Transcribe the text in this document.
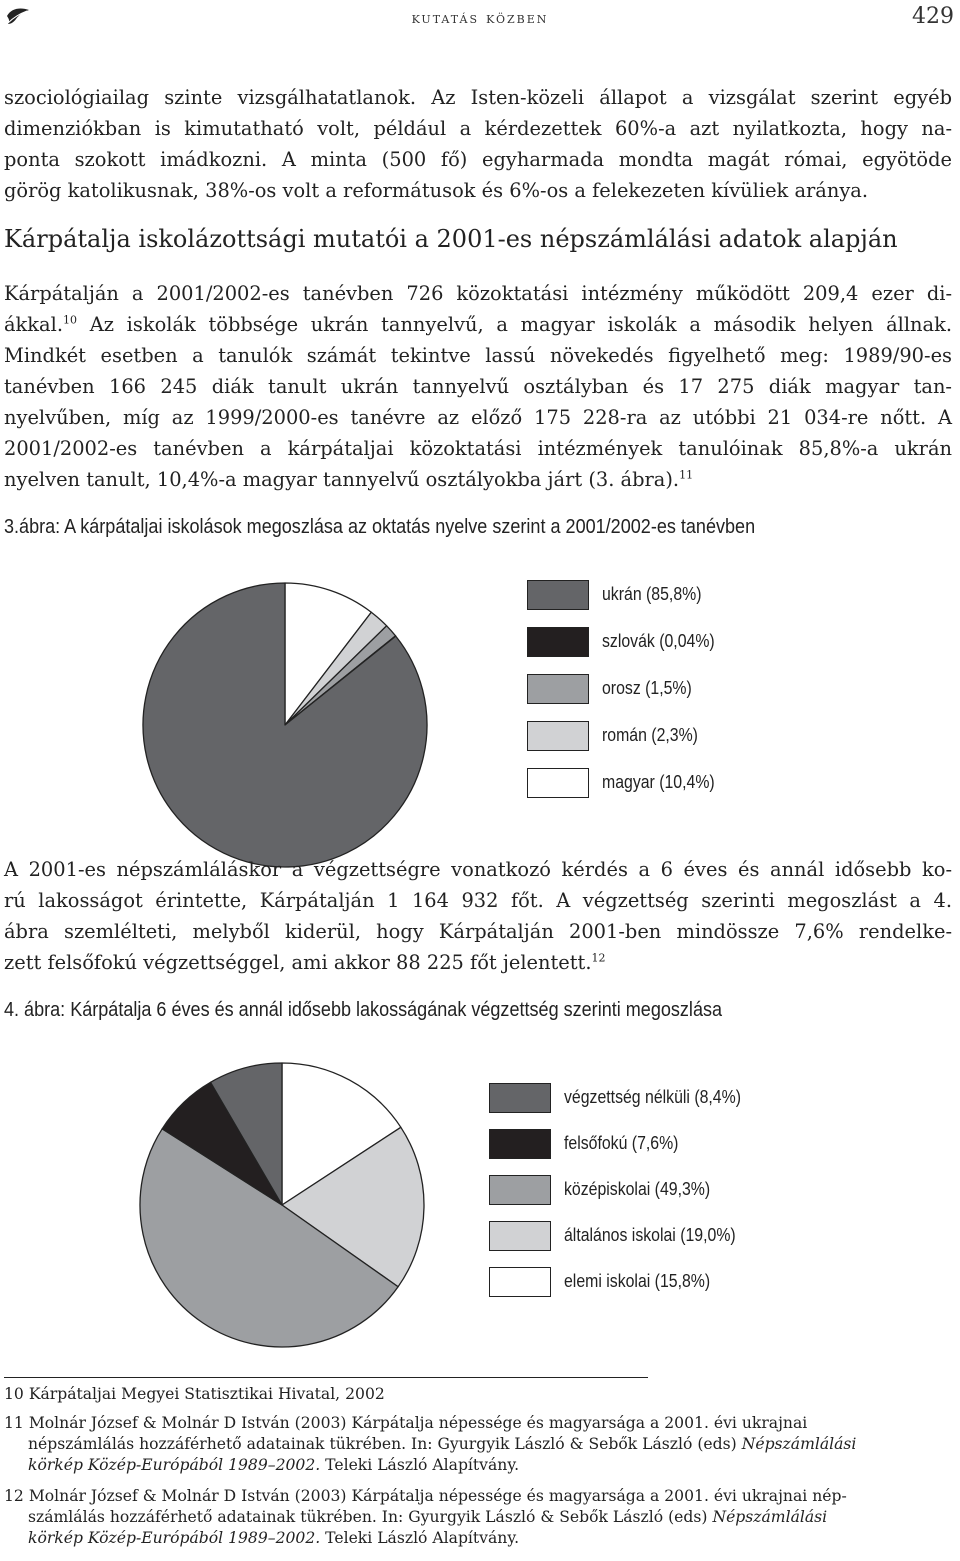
kutatás közben	429

szociológiailag szinte vizsgálhatatlanok. Az Isten-közeli állapot a vizsgálat szerint egyéb
dimenziókban is kimutatható volt, például a kérdezettek 60%-a azt nyilatkozta, hogy na-
ponta szokott imádkozni. A minta (500 fő) egyharmada mondta magát római, egyötöde
görög katolikusnak, 38%-os volt a reformátusok és 6%-os a felekezeten kívüliek aránya.

Kárpátalja iskolázottsági mutatói a 2001-es népszámlálási adatok alapján

Kárpátalján a 2001/2002-es tanévben 726 közoktatási intézmény működött 209,4 ezer di-
ákkal.$^{10}$ Az iskolák többsége ukrán tannyelvű, a magyar iskolák a második helyen állnak.
Mindkét esetben a tanulók számát tekintve lassú növekedés figyelhető meg: 1989/90-es
tanévben 166 245 diák tanult ukrán tannyelvű osztályban és 17 275 diák magyar tan-
nyelvűben, míg az 1999/2000-es tanévre az előző 175 228-ra az utóbbi 21 034-re nőtt. A
2001/2002-es tanévben a kárpátaljai közoktatási intézmények tanulóinak 85,8%-a ukrán
nyelven tanult, 10,4%-a magyar tannyelvű osztályokba járt (3. ábra).$^{11}$

3.ábra: A kárpátaljai iskolások megoszlása az oktatás nyelve szerint a 2001/2002-es tanévben

ukrán (85,8%)
szlovák (0,04%)
orosz (1,5%)
román (2,3%)
magyar (10,4%)

A 2001-es népszámláláskor a végzettségre vonatkozó kérdés a 6 éves és annál idősebb ko-
rú lakosságot érintette, Kárpátalján 1 164 932 főt. A végzettség szerinti megoszlást a 4.
ábra szemlélteti, melyből kiderül, hogy Kárpátalján 2001-ben mindössze 7,6% rendelke-
zett felsőfokú végzettséggel, ami akkor 88 225 főt jelentett.$^{12}$

4. ábra: Kárpátalja 6 éves és annál idősebb lakosságának végzettség szerinti megoszlása

végzettség nélküli (8,4%)
felsőfokú (7,6%)
középiskolai (49,3%)
általános iskolai (19,0%)
elemi iskolai (15,8%)

10 Kárpátaljai Megyei Statisztikai Hivatal, 2002

11 Molnár József & Molnár D István (2003) Kárpátalja népessége és magyarsága a 2001. évi ukrajnai
népszámlálás hozzáférhető adatainak tükrében. In: Gyurgyik László & Sebők László (eds) Népszámlálási
körkép Közép-Európából 1989–2002. Teleki László Alapítvány.

12 Molnár József & Molnár D István (2003) Kárpátalja népessége és magyarsága a 2001. évi ukrajnai nép-
számlálás hozzáférhető adatainak tükrében. In: Gyurgyik László & Sebők László (eds) Népszámlálási
körkép Közép-Európából 1989–2002. Teleki László Alapítvány.
